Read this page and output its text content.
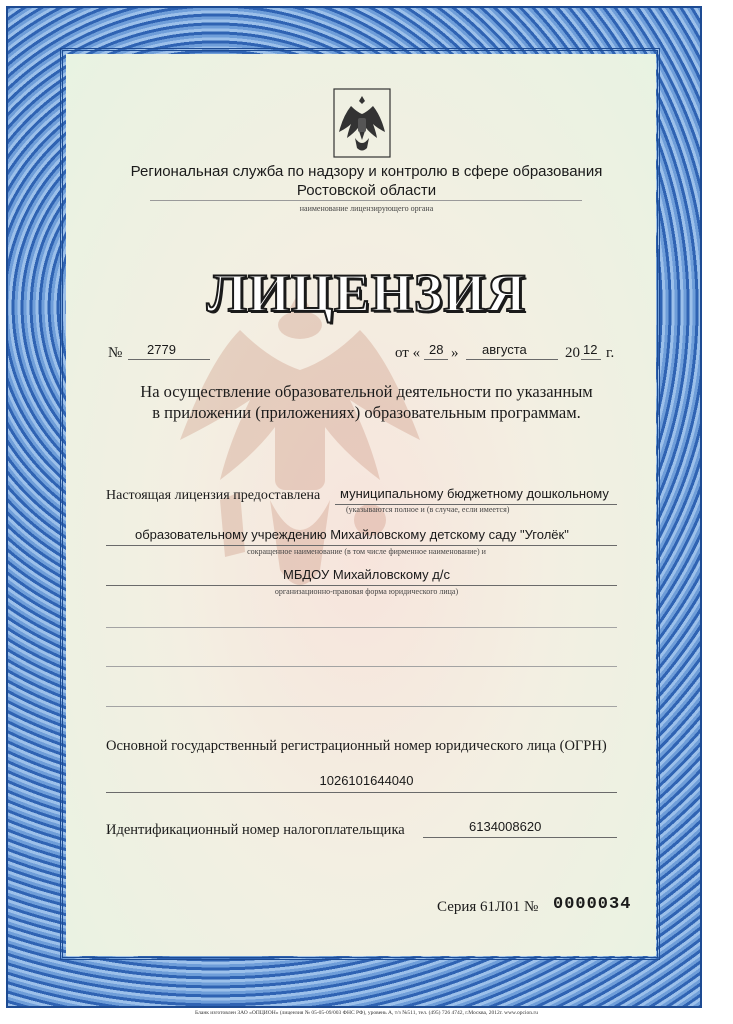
Региональная служба по надзору и контролю в сфере образования
Ростовской области
наименование лицензирующего органа
ЛИЦЕНЗИЯ
№ 2779	от « 28 » августа	20 12 г.
На осуществление образовательной деятельности по указанным
в приложении (приложениях) образовательным программам.
Настоящая лицензия предоставлена муниципальному бюджетному дошкольному
(указываются полное и (в случае, если имеется)
образовательному учреждению Михайловскому детскому саду "Уголёк"
сокращенное наименование (в том числе фирменное наименование) и
МБДОУ Михайловскому д/с
организационно-правовая форма юридического лица)
Основной государственный регистрационный номер юридического лица (ОГРН)
1026101644040
Идентификационный номер налогоплательщика	6134008620
Серия 61Л01 № 0000034
Бланк изготовлен ЗАО «ОПЦИОН» (лицензия № 05-05-09/003 ФНС РФ), уровень А, т/з №511, тел. (495) 726 4742, г.Москва, 2012г. www.opcion.ru
